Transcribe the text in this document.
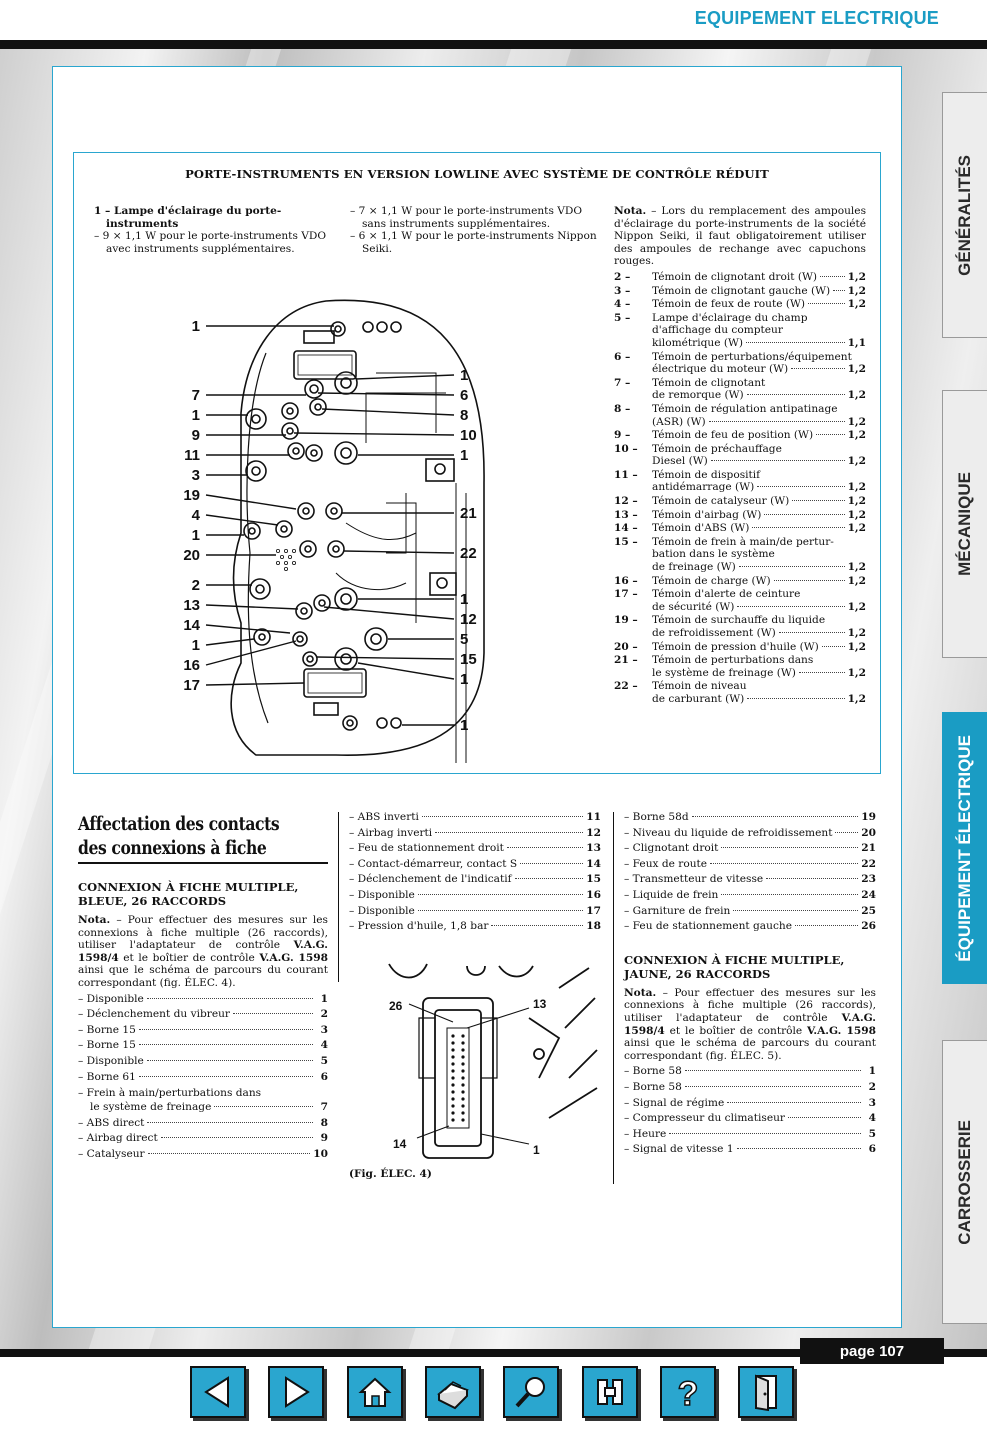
EQUIPEMENT ELECTRIQUE
GÉNÉRALITÉS
MÉCANIQUE
ÉQUIPEMENT ÉLECTRIQUE
CARROSSERIE
PORTE-INSTRUMENTS EN VERSION LOWLINE AVEC SYSTÈME DE CONTRÔLE RÉDUIT
1 – Lampe d'éclairage du porte-instruments
– 9 × 1,1 W pour le porte-instruments VDO avec instruments supplémentaires.
– 7 × 1,1 W pour le porte-instruments VDO sans instruments supplémentaires.
– 6 × 1,1 W pour le porte-instruments Nippon Seiki.
Nota. – Lors du remplacement des ampoules d'éclairage du porte-instruments de la société Nippon Seiki, il faut obligatoirement utiliser des ampoules de rechange avec capuchons rouges.
2 –	Témoin de clignotant droit (W)	1,2
3 –	Témoin de clignotant gauche (W) 1,2
4 –	Témoin de feux de route (W)	1,2
5 –	Lampe d'éclairage du champ
d'affichage du compteur
kilométrique (W)	1,1
6 –	Témoin de perturbations/équipement
électrique du moteur (W)	1,2
7 –	Témoin de clignotant
de remorque (W)	1,2
8 –	Témoin de régulation antipatinage
(ASR) (W)	1,2
9 –	Témoin de feu de position (W)	1,2
10 –	Témoin de préchauffage
Diesel (W)	1,2
11 –	Témoin de dispositif
antidémarrage (W)	1,2
12 –	Témoin de catalyseur (W)	1,2
13 –	Témoin d'airbag (W)	1,2
14 –	Témoin d'ABS (W)	1,2
15 –	Témoin de frein à main/de pertur-
bation dans le système
de freinage (W)	1,2
16 –	Témoin de charge (W)	1,2
17 –	Témoin d'alerte de ceinture
de sécurité (W)	1,2
19 –	Témoin de surchauffe du liquide
de refroidissement (W)	1,2
20 –	Témoin de pression d'huile (W)	1,2
21 –	Témoin de perturbations dans
le système de freinage (W)	1,2
22 –	Témoin de niveau
de carburant (W)	1,2
1
7
1
9
11
3
19
4
1
20
2
13
14
1
16
17
1
6
8
10
1
21
22
1
12
5
15
1
1
Affectation des contacts
des connexions à fiche
CONNEXION À FICHE MULTIPLE, BLEUE, 26 RACCORDS
Nota. – Pour effectuer des mesures sur les connexions à fiche multiple (26 raccords), utiliser l'adaptateur de contrôle V.A.G. 1598/4 et le boîtier de contrôle V.A.G. 1598 ainsi que le schéma de parcours du courant correspondant (fig. ÉLEC. 4).
– Disponible	1
– Déclenchement du vibreur	2
– Borne 15	3
– Borne 15	4
– Disponible	5
– Borne 61	6
– Frein à main/perturbations dans
le système de freinage	7
– ABS direct	8
– Airbag direct	9
– Catalyseur	10
– ABS inverti	11
– Airbag inverti	12
– Feu de stationnement droit	13
– Contact-démarreur, contact S	14
– Déclenchement de l'indicatif	15
– Disponible	16
– Disponible	17
– Pression d'huile, 1,8 bar	18
26	13
14	1
(Fig. ÉLEC. 4)
– Borne 58d	19
– Niveau du liquide de refroidissement	20
– Clignotant droit	21
– Feux de route	22
– Transmetteur de vitesse	23
– Liquide de frein	24
– Garniture de frein	25
– Feu de stationnement gauche	26
CONNEXION À FICHE MULTIPLE, JAUNE, 26 RACCORDS
Nota. – Pour effectuer des mesures sur les connexions à fiche multiple (26 raccords), utiliser l'adaptateur de contrôle V.A.G. 1598/4 et le boîtier de contrôle V.A.G. 1598 ainsi que le schéma de parcours du courant correspondant (fig. ÉLEC. 5).
– Borne 58	1
– Borne 58	2
– Signal de régime	3
– Compresseur du climatiseur	4
– Heure	5
– Signal de vitesse 1	6
page 107
?
